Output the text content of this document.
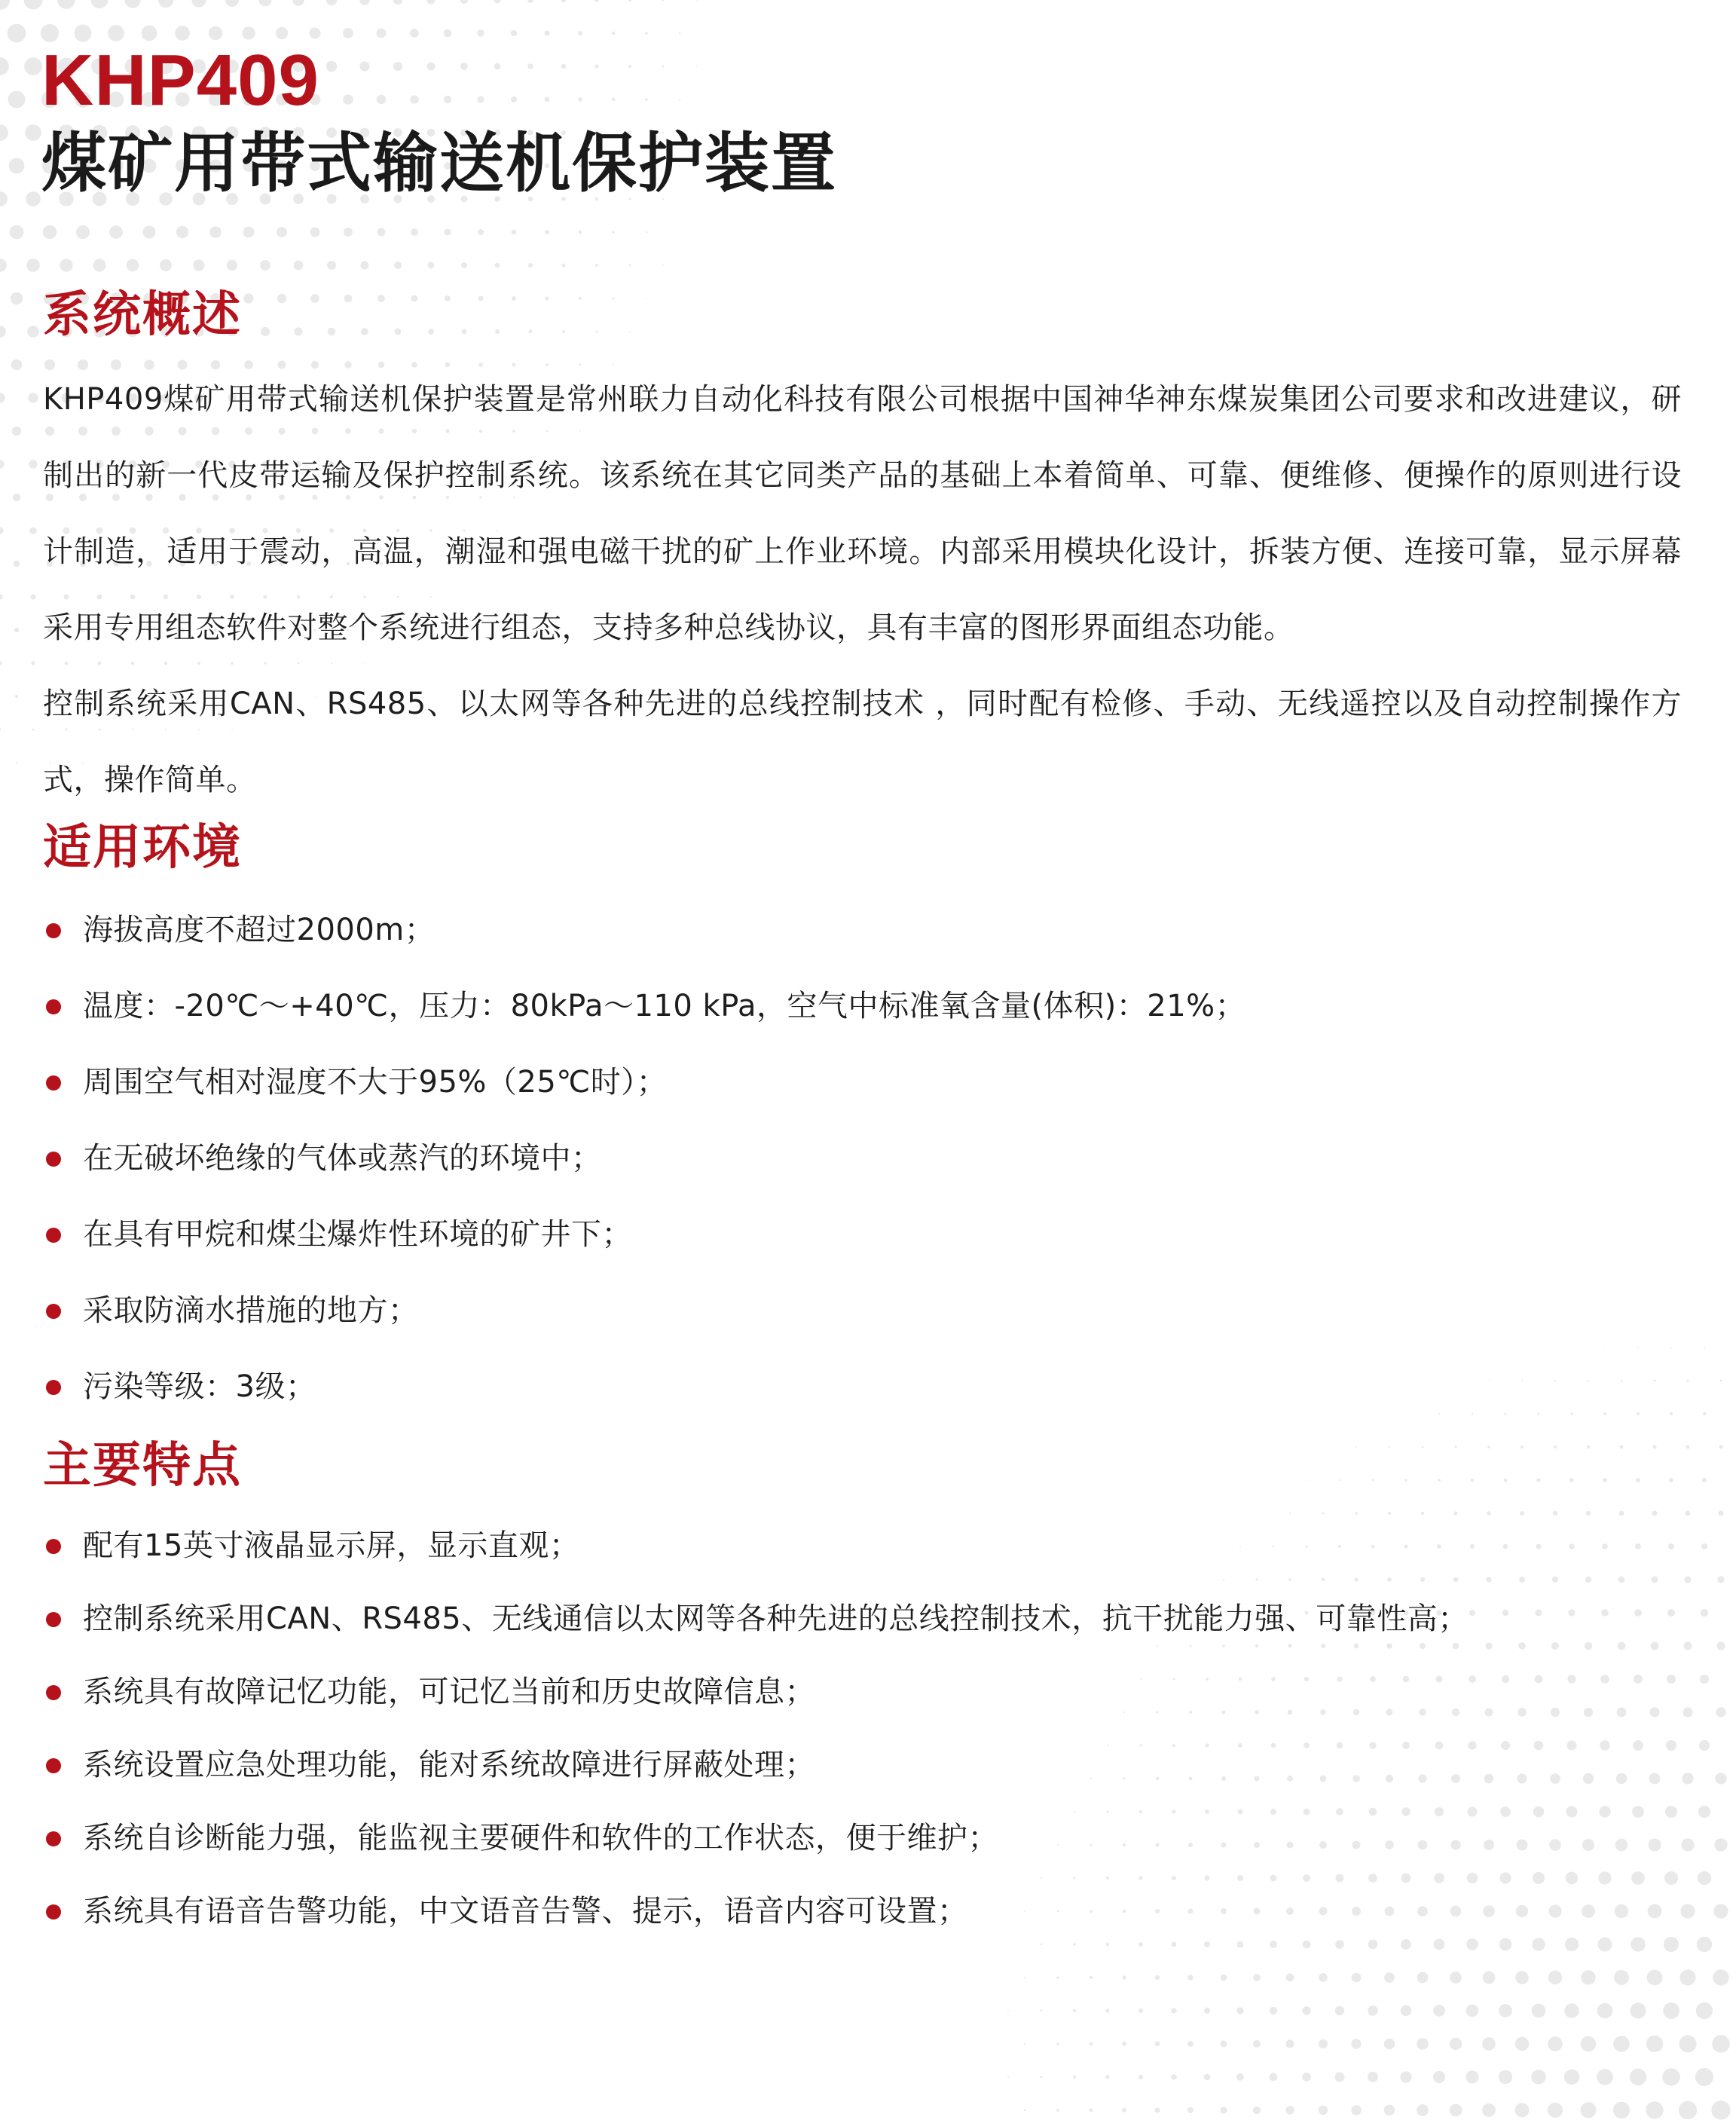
KHP409
煤矿用带式输送机保护装置
系统概述

KHP409煤矿用带式输送机保护装置是常州联力自动化科技有限公司根据中国神华神东煤炭集团公司要求和改进建议，研制出的新一代皮带运输及保护控制系统。该系统在其它同类产品的基础上本着简单、可靠、便维修、便操作的原则进行设计制造，适用于震动，高温，潮湿和强电磁干扰的矿上作业环境。内部采用模块化设计，拆装方便、连接可靠，显示屏幕采用专用组态软件对整个系统进行组态，支持多种总线协议，具有丰富的图形界面组态功能。

控制系统采用CAN、RS485、以太网等各种先进的总线控制技术 ，同时配有检修、手动、无线遥控以及自动控制操作方式，操作简单。

适用环境
海拔高度不超过2000m；
温度：-20℃～+40℃，压力：80kPa～110 kPa，空气中标准氧含量(体积)：21%；
周围空气相对湿度不大于95%（25℃时）；
在无破坏绝缘的气体或蒸汽的环境中；
在具有甲烷和煤尘爆炸性环境的矿井下；
采取防滴水措施的地方；
污染等级：3级；
主要特点
配有15英寸液晶显示屏，显示直观；
控制系统采用CAN、RS485、无线通信以太网等各种先进的总线控制技术，抗干扰能力强、可靠性高；
系统具有故障记忆功能，可记忆当前和历史故障信息；
系统设置应急处理功能，能对系统故障进行屏蔽处理；
系统自诊断能力强，能监视主要硬件和软件的工作状态，便于维护；
系统具有语音告警功能，中文语音告警、提示，语音内容可设置；
